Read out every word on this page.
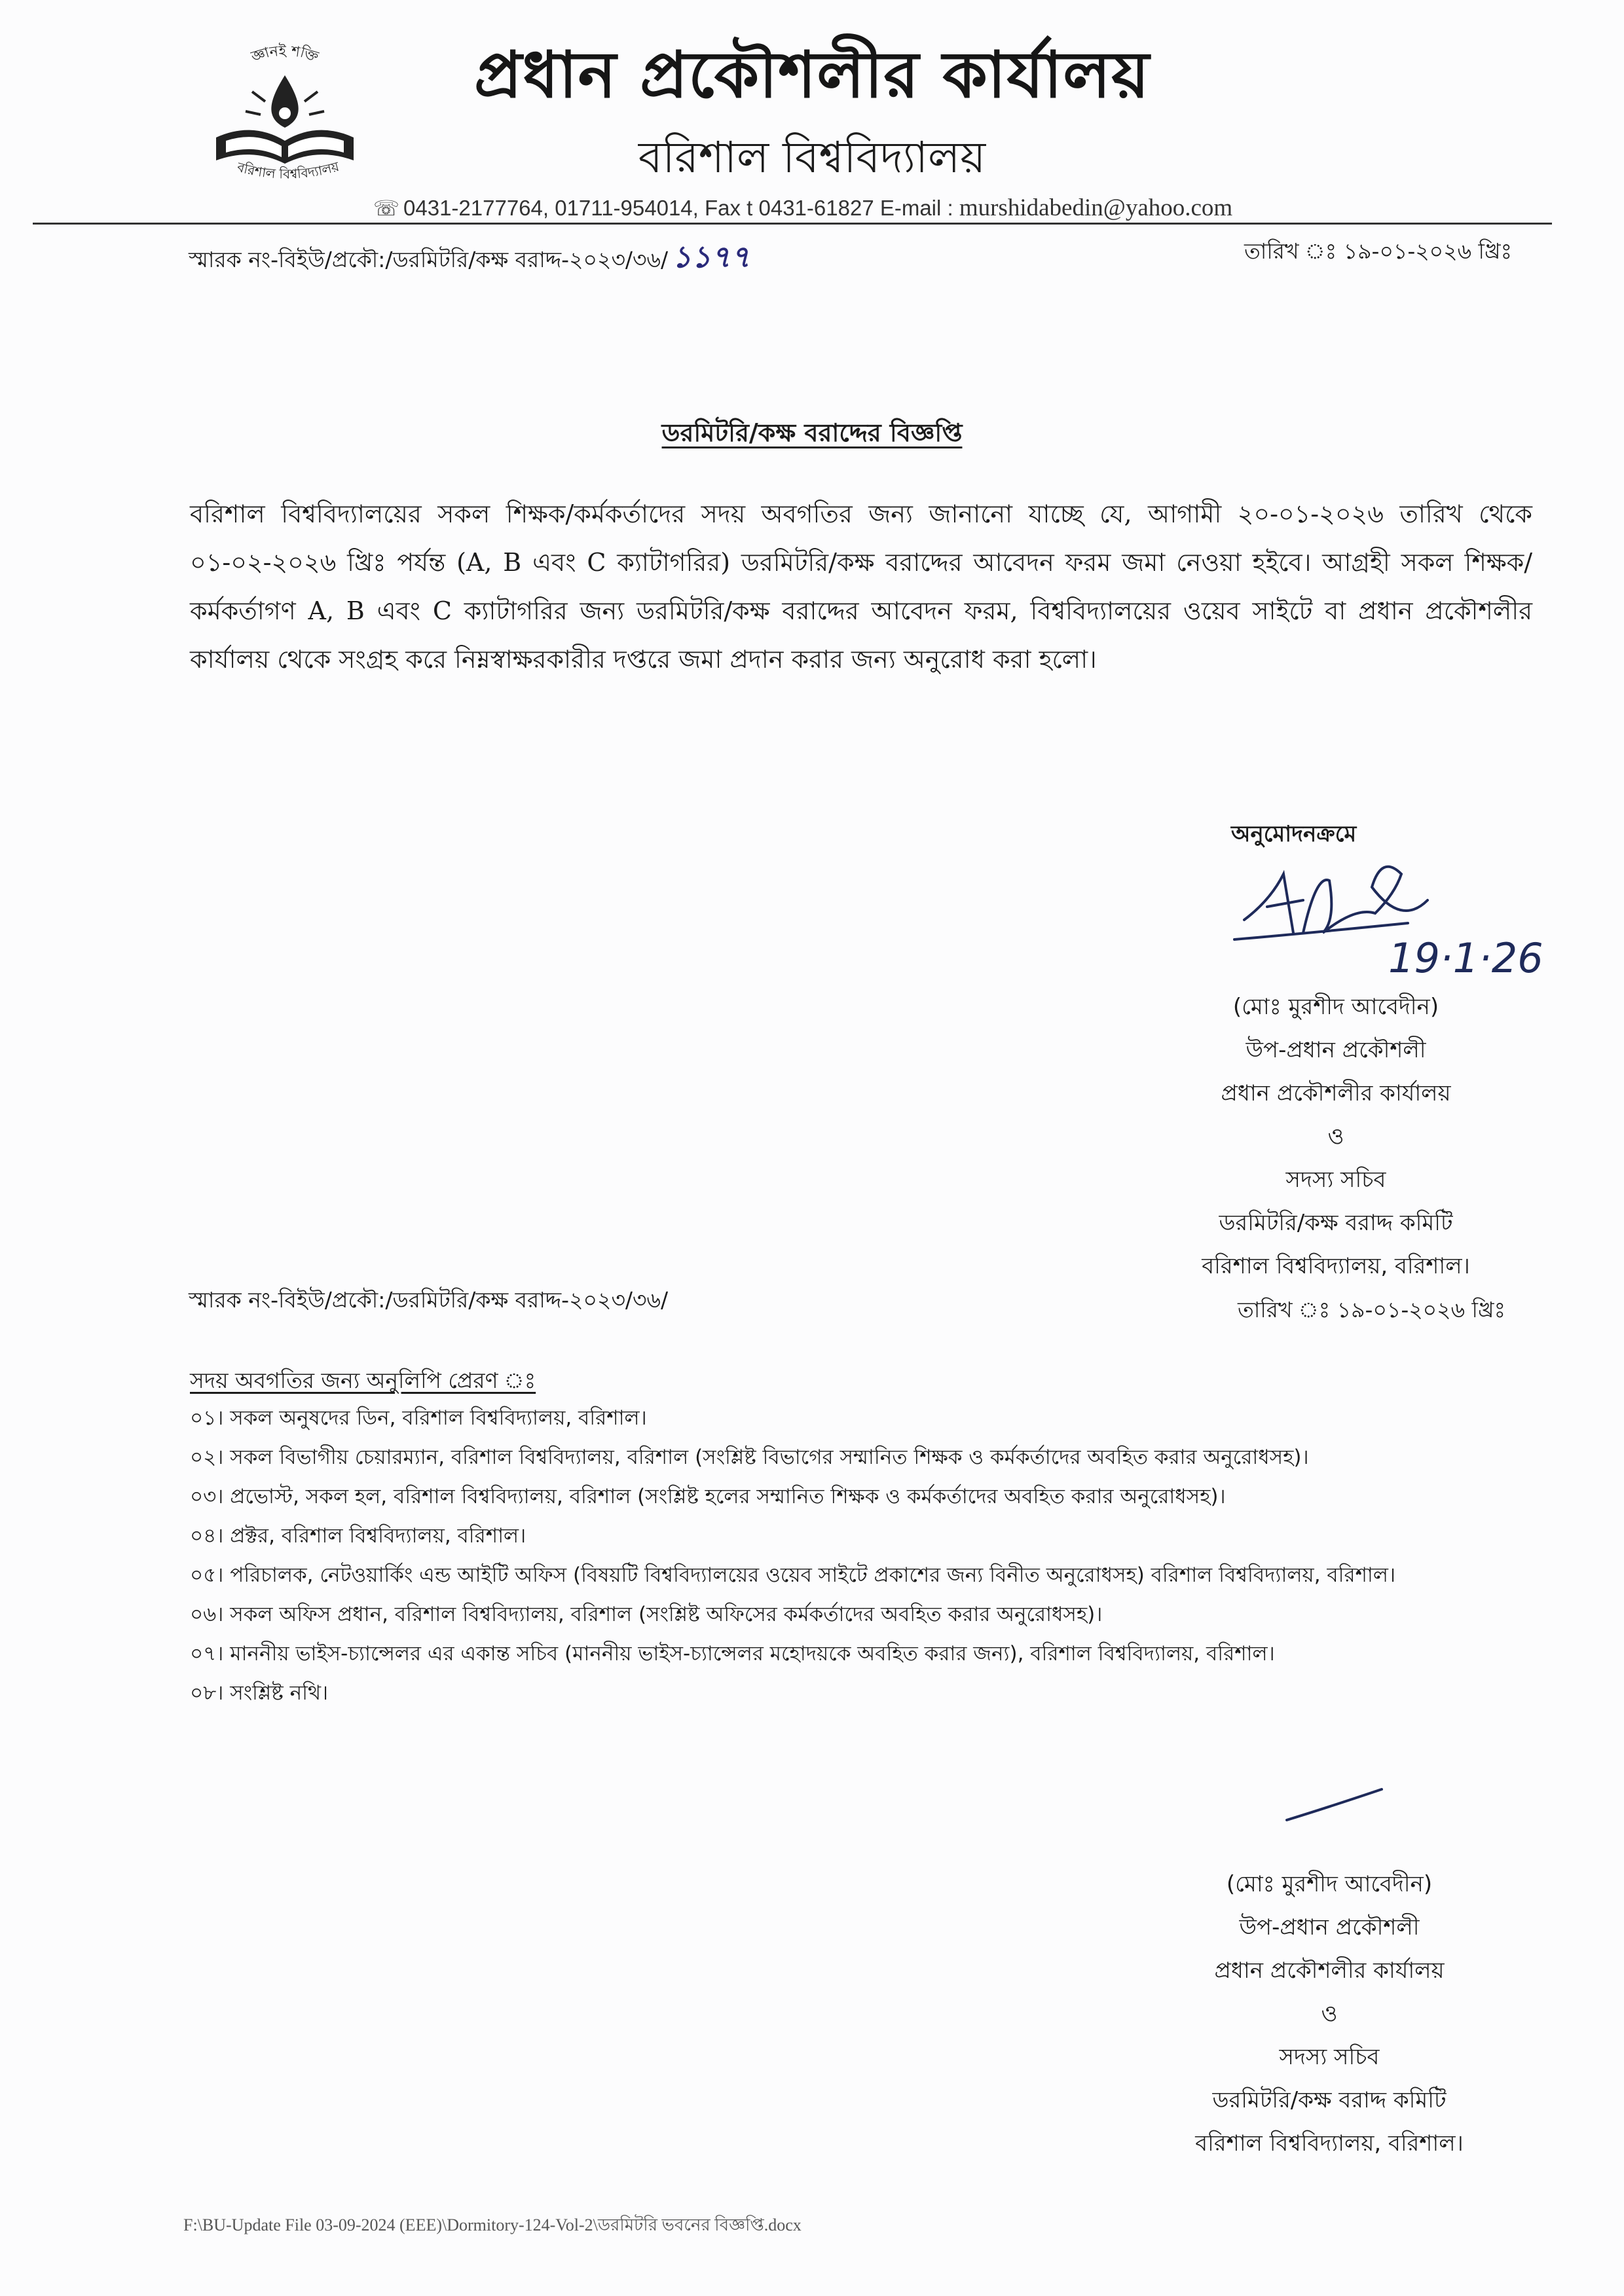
জ্ঞানই শক্তি
বরিশাল বিশ্ববিদ্যালয়
প্রধান প্রকৌশলীর কার্যালয়
বরিশাল বিশ্ববিদ্যালয়
☏ 0431-2177764, 01711-954014, Fax t 0431-61827 E-mail : murshidabedin@yahoo.com
স্মারক নং-বিইউ/প্রকৌ:/ডরমিটরি/কক্ষ বরাদ্দ-২০২৩/৩৬/ ১১৭৭	তারিখ ঃ ১৯-০১-২০২৬ খ্রিঃ
ডরমিটরি/কক্ষ বরাদ্দের বিজ্ঞপ্তি
বরিশাল বিশ্ববিদ্যালয়ের সকল শিক্ষক/কর্মকর্তাদের সদয় অবগতির জন্য জানানো যাচ্ছে যে, আগামী ২০-০১-২০২৬ তারিখ থেকে ০১-০২-২০২৬ খ্রিঃ পর্যন্ত (A, B এবং C ক্যাটাগরির) ডরমিটরি/কক্ষ বরাদ্দের আবেদন ফরম জমা নেওয়া হইবে। আগ্রহী সকল শিক্ষক/কর্মকর্তাগণ A, B এবং C ক্যাটাগরির জন্য ডরমিটরি/কক্ষ বরাদ্দের আবেদন ফরম, বিশ্ববিদ্যালয়ের ওয়েব সাইটে বা প্রধান প্রকৌশলীর কার্যালয় থেকে সংগ্রহ করে নিম্নস্বাক্ষরকারীর দপ্তরে জমা প্রদান করার জন্য অনুরোধ করা হলো।
অনুমোদনক্রমে
19·1·26
(মোঃ মুরশীদ আবেদীন)
উপ-প্রধান প্রকৌশলী
প্রধান প্রকৌশলীর কার্যালয়
ও
সদস্য সচিব
ডরমিটরি/কক্ষ বরাদ্দ কমিটি
বরিশাল বিশ্ববিদ্যালয়, বরিশাল।
স্মারক নং-বিইউ/প্রকৌ:/ডরমিটরি/কক্ষ বরাদ্দ-২০২৩/৩৬/	তারিখ ঃ ১৯-০১-২০২৬ খ্রিঃ
সদয় অবগতির জন্য অনুলিপি প্রেরণ ঃ
০১। সকল অনুষদের ডিন, বরিশাল বিশ্ববিদ্যালয়, বরিশাল।
০২। সকল বিভাগীয় চেয়ারম্যান, বরিশাল বিশ্ববিদ্যালয়, বরিশাল (সংশ্লিষ্ট বিভাগের সম্মানিত শিক্ষক ও কর্মকর্তাদের অবহিত করার অনুরোধসহ)।
০৩। প্রভোস্ট, সকল হল, বরিশাল বিশ্ববিদ্যালয়, বরিশাল (সংশ্লিষ্ট হলের সম্মানিত শিক্ষক ও কর্মকর্তাদের অবহিত করার অনুরোধসহ)।
০৪। প্রক্টর, বরিশাল বিশ্ববিদ্যালয়, বরিশাল।
০৫। পরিচালক, নেটওয়ার্কিং এন্ড আইটি অফিস (বিষয়টি বিশ্ববিদ্যালয়ের ওয়েব সাইটে প্রকাশের জন্য বিনীত অনুরোধসহ) বরিশাল বিশ্ববিদ্যালয়, বরিশাল।
০৬। সকল অফিস প্রধান, বরিশাল বিশ্ববিদ্যালয়, বরিশাল (সংশ্লিষ্ট অফিসের কর্মকর্তাদের অবহিত করার অনুরোধসহ)।
০৭। মাননীয় ভাইস-চ্যান্সেলর এর একান্ত সচিব (মাননীয় ভাইস-চ্যান্সেলর মহোদয়কে অবহিত করার জন্য), বরিশাল বিশ্ববিদ্যালয়, বরিশাল।
০৮। সংশ্লিষ্ট নথি।
(মোঃ মুরশীদ আবেদীন)
উপ-প্রধান প্রকৌশলী
প্রধান প্রকৌশলীর কার্যালয়
ও
সদস্য সচিব
ডরমিটরি/কক্ষ বরাদ্দ কমিটি
বরিশাল বিশ্ববিদ্যালয়, বরিশাল।
F:\BU-Update File 03-09-2024 (EEE)\Dormitory-124-Vol-2\ডরমিটরি ভবনের বিজ্ঞপ্তি.docx
